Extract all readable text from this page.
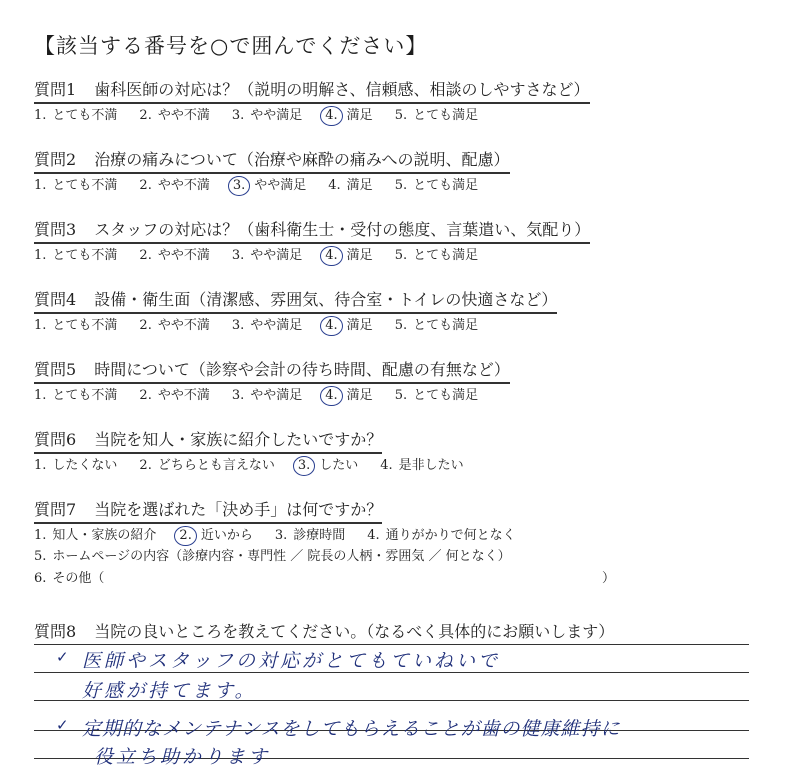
【該当する番号を○で囲んでください】
質問1 歯科医師の対応は？（説明の明解さ、信頼感、相談のしやすさなど）
1. とても不満 2. やや不満 3. やや満足 4. 満足 5. とても満足
質問2 治療の痛みについて（治療や麻酔の痛みへの説明、配慮）
1. とても不満 2. やや不満 3. やや満足 4. 満足 5. とても満足
質問3 スタッフの対応は？（歯科衛生士・受付の態度、言葉遣い、気配り）
1. とても不満 2. やや不満 3. やや満足 4. 満足 5. とても満足
質問4 設備・衛生面（清潔感、雰囲気、待合室・トイレの快適さなど）
1. とても不満 2. やや不満 3. やや満足 4. 満足 5. とても満足
質問5 時間について（診察や会計の待ち時間、配慮の有無など）
1. とても不満 2. やや不満 3. やや満足 4. 満足 5. とても満足
質問6 当院を知人・家族に紹介したいですか？
1. したくない 2. どちらとも言えない 3. したい 4. 是非したい
質問7 当院を選ばれた「決め手」は何ですか？
1. 知人・家族の紹介 2. 近いから 3. 診療時間 4. 通りがかりで何となく
5. ホームページの内容（診療内容・専門性 ／ 院長の人柄・雰囲気 ／ 何となく）
6. その他（	）
質問8 当院の良いところを教えてください。（なるべく具体的にお願いします）
✓ 医師やスタッフの対応がとてもていねいで
好感が持てます。
✓ 定期的なメンテナンスをしてもらえることが歯の健康維持に
役立ち助かります
